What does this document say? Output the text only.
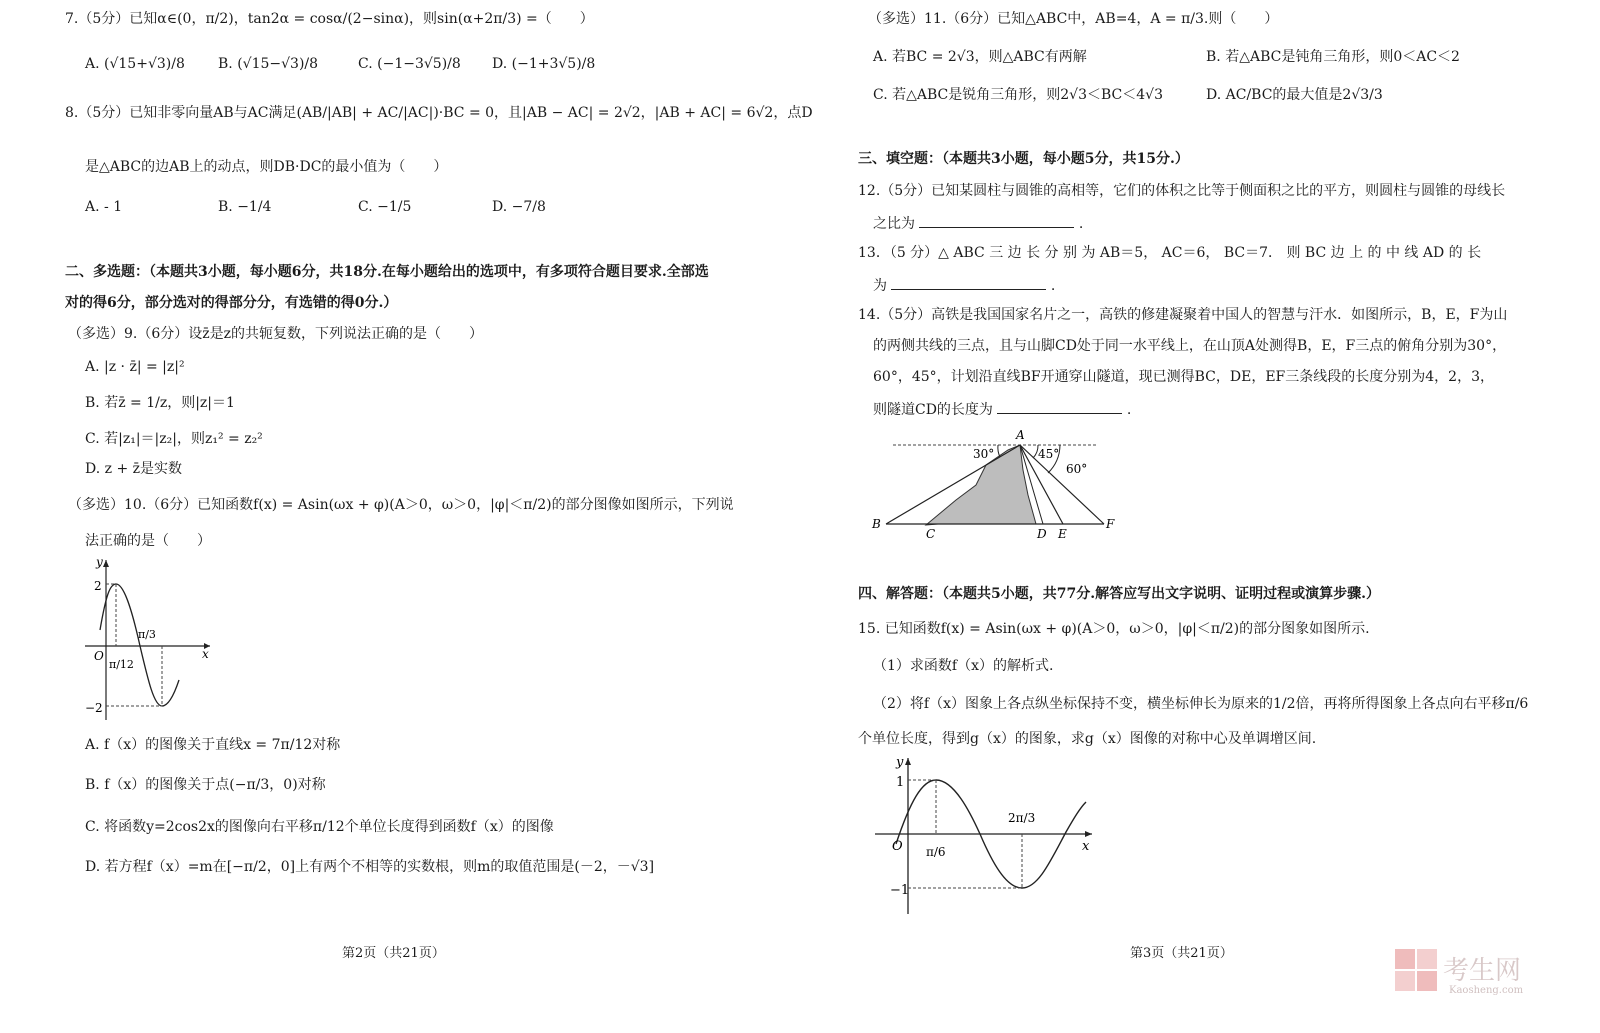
7.（5分）已知α∈(0，π/2)，tan2α = cosα/(2−sinα)，则sin(α+2π/3) =（　　）
A. (√15+√3)/8 B. (√15−√3)/8	C. (−1−3√5)/8 D. (−1+3√5)/8
8.（5分）已知非零向量AB与AC满足(AB/|AB| + AC/|AC|)·BC = 0，且|AB − AC| = 2√2，|AB + AC| = 6√2，点D
是△ABC的边AB上的动点，则DB·DC的最小值为（　　）
A. - 1	B. −1/4	C. −1/5	D. −7/8
二、多选题：（本题共3小题，每小题6分，共18分.在每小题给出的选项中，有多项符合题目要求.全部选
对的得6分，部分选对的得部分分，有选错的得0分.）
（多选）9.（6分）设z̄是z的共轭复数，下列说法正确的是（　　）
A. |z · z̄| = |z|²
B. 若z̄ = 1/z，则|z|＝1
C. 若|z₁|＝|z₂|，则z₁² = z₂²
D. z + z̄是实数
（多选）10.（6分）已知函数f(x) = Asin(ωx + φ)(A＞0，ω＞0，|φ|＜π/2)的部分图像如图所示，下列说
法正确的是（　　）
y
x
O
2
−2
π/12
π/3
A. f（x）的图像关于直线x = 7π/12对称
B. f（x）的图像关于点(−π/3，0)对称
C. 将函数y=2cos2x的图像向右平移π/12个单位长度得到函数f（x）的图像
D. 若方程f（x）=m在[−π/2，0]上有两个不相等的实数根，则m的取值范围是(－2，－√3]
第2页（共21页）
（多选）11.（6分）已知△ABC中，AB=4，A = π/3.则（　　）
A. 若BC = 2√3，则△ABC有两解	B. 若△ABC是钝角三角形，则0＜AC＜2
C. 若△ABC是锐角三角形，则2√3＜BC＜4√3	D. AC/BC的最大值是2√3/3
三、填空题：（本题共3小题，每小题5分，共15分.）
12.（5分）已知某圆柱与圆锥的高相等，它们的体积之比等于侧面积之比的平方，则圆柱与圆锥的母线长
之比为	.
13．（5 分）△ ABC 三 边 长 分 别 为 AB＝5， AC＝6， BC＝7． 则 BC 边 上 的 中 线 AD 的 长
为	.
14.（5分）高铁是我国国家名片之一，高铁的修建凝聚着中国人的智慧与汗水．如图所示，B，E，F为山
的两侧共线的三点，且与山脚CD处于同一水平线上，在山顶A处测得B，E，F三点的俯角分别为30°，
60°，45°，计划沿直线BF开通穿山隧道，现已测得BC，DE，EF三条线段的长度分别为4，2，3，
则隧道CD的长度为	.
A
B
C	D E
F
30°	45°
60°
四、解答题：（本题共5小题，共77分.解答应写出文字说明、证明过程或演算步骤.）
15. 已知函数f(x) = Asin(ωx + φ)(A＞0，ω＞0，|φ|＜π/2)的部分图象如图所示.
（1）求函数f（x）的解析式.
（2）将f（x）图象上各点纵坐标保持不变，横坐标伸长为原来的1/2倍，再将所得图象上各点向右平移π/6
个单位长度，得到g（x）的图象，求g（x）图像的对称中心及单调增区间.
y
x
O
1
−1
π/6
2π/3
第3页（共21页）
考生网
Kaosheng.com
